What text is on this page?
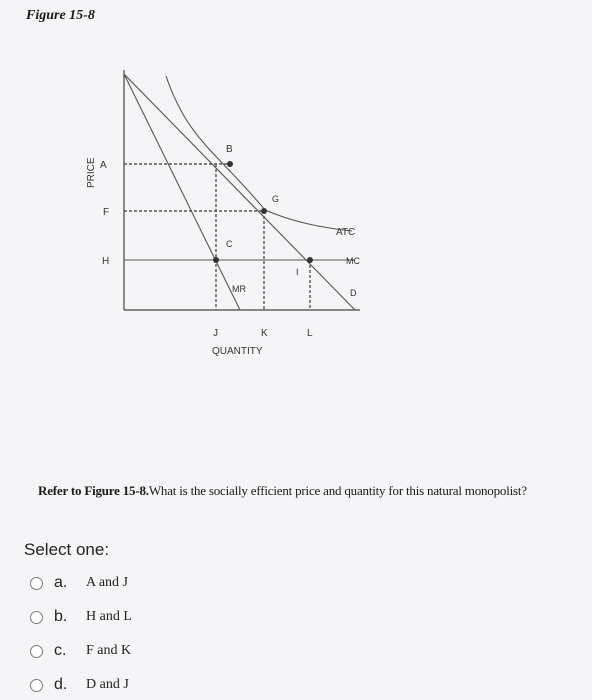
Figure 15-8
PRICE A
F
H
B
C
G
I
ATC
MC
MR	D
J	K	L
QUANTITY
Refer to Figure 15-8.What is the socially efficient price and quantity for this natural monopolist?
Select one:
a.	A and J
b.	H and L
c.	F and K
d.	D and J
